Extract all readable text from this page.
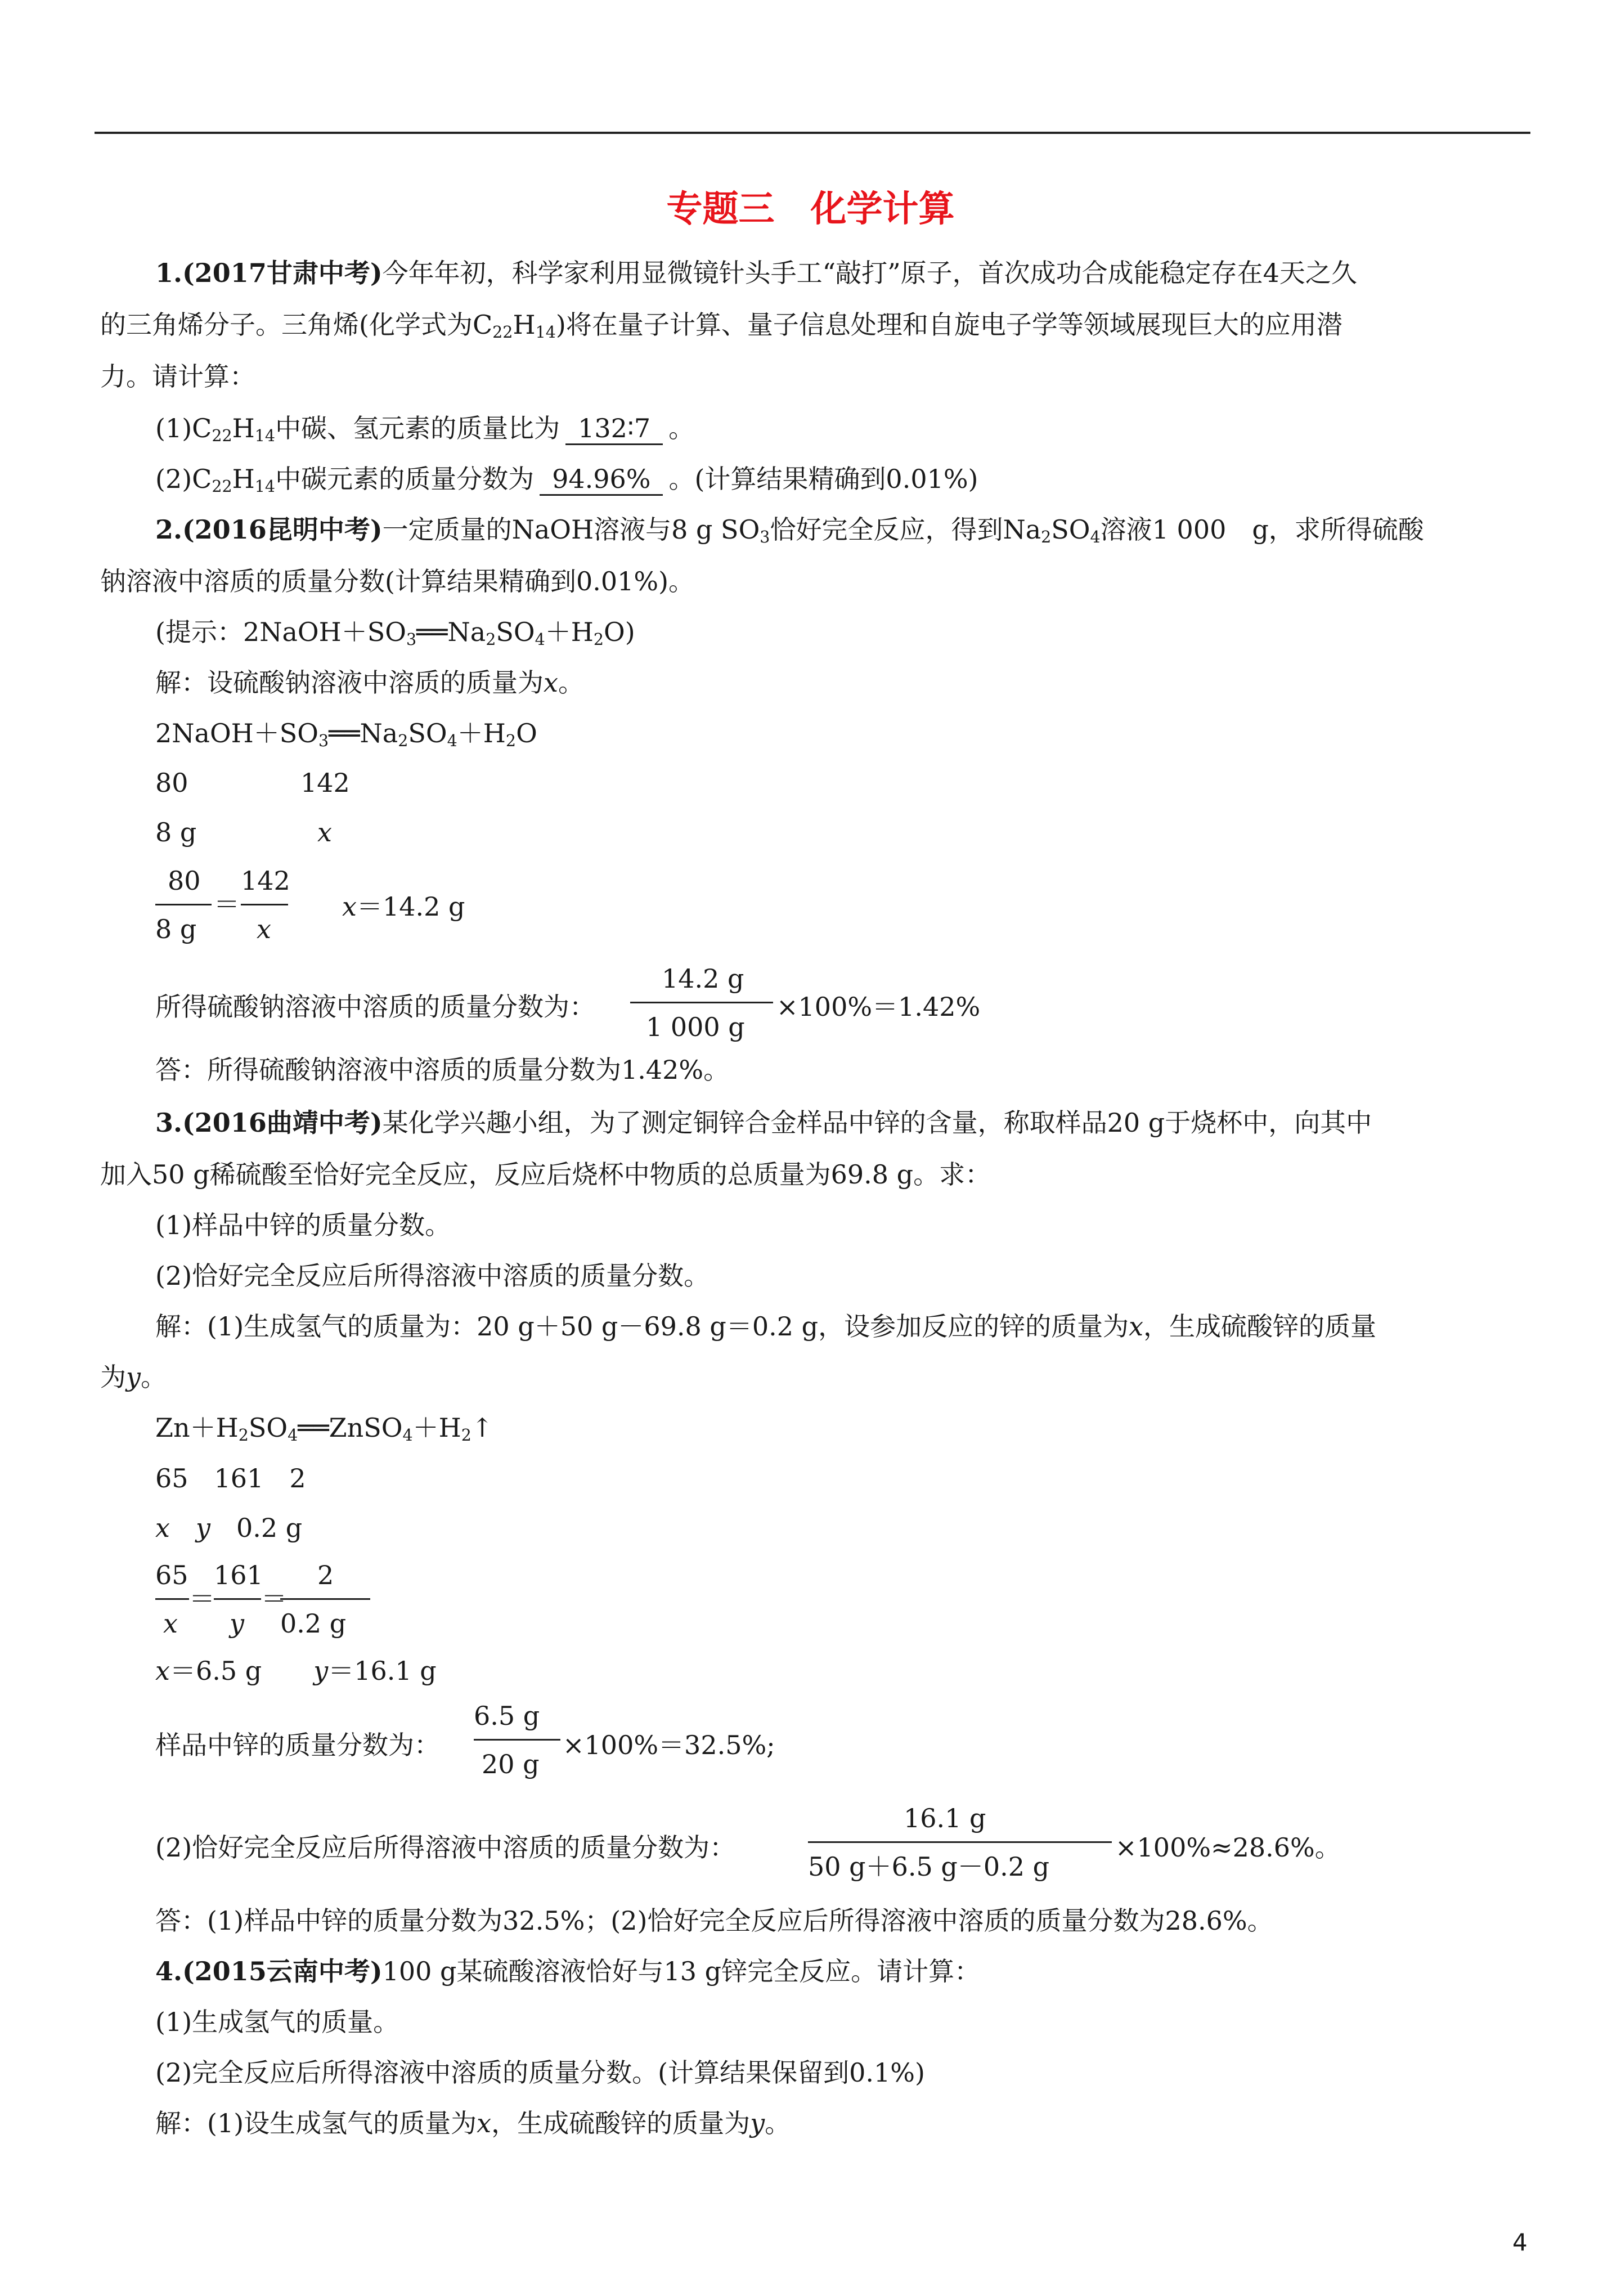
专题三　化学计算
1.(2017甘肃中考)今年年初，科学家利用显微镜针头手工“敲打”原子，首次成功合成能稳定存在4天之久
的三角烯分子。三角烯(化学式为$C_{22}H_{14}$)将在量子计算、量子信息处理和自旋电子学等领域展现巨大的应用潜
力。请计算：
$(1)C_{22}H_{14}$中碳、氢元素的质量比为 132∶7 。
$(2)C_{22}H_{14}$中碳元素的质量分数为 94.96% 。(计算结果精确到0.01%)
2.(2016昆明中考)一定质量的NaOH溶液与8 g $SO_3$恰好完全反应，得到$Na_2SO_4$溶液1 000　g，求所得硫酸
钠溶液中溶质的质量分数(计算结果精确到0.01%)。
(提示：$2NaOH+SO_3══Na_2SO_4+H_2O$)
解：设硫酸钠溶液中溶质的质量为x。
$2NaOH+SO_3══Na_2SO_4+H_2O$
80	142
8 g	x
80
8 g
＝
142
x
x＝14.2 g
所得硫酸钠溶液中溶质的质量分数为：
14.2 g
1 000 g
×100%＝1.42%
答：所得硫酸钠溶液中溶质的质量分数为1.42%。
3.(2016曲靖中考)某化学兴趣小组，为了测定铜锌合金样品中锌的含量，称取样品20 g于烧杯中，向其中
加入50 g稀硫酸至恰好完全反应，反应后烧杯中物质的总质量为69.8 g。求：
(1)样品中锌的质量分数。
(2)恰好完全反应后所得溶液中溶质的质量分数。
解：(1)生成氢气的质量为：20 g＋50 g－69.8 g＝0.2 g，设参加反应的锌的质量为x，生成硫酸锌的质量
为y。
$Zn+H_2SO_4══ZnSO_4+H_2↑$
65　161　2
x　 y　 0.2 g
65
x
＝
161
y
＝
2
0.2 g
x＝6.5 g　　 y＝16.1 g
样品中锌的质量分数为：
6.5 g
20 g
×100%＝32.5%;
(2)恰好完全反应后所得溶液中溶质的质量分数为：
16.1 g
50 g＋6.5 g－0.2 g
×100%≈28.6%。
答：(1)样品中锌的质量分数为32.5%；(2)恰好完全反应后所得溶液中溶质的质量分数为28.6%。
4.(2015云南中考)100 g某硫酸溶液恰好与13 g锌完全反应。请计算：
(1)生成氢气的质量。
(2)完全反应后所得溶液中溶质的质量分数。(计算结果保留到0.1%)
解：(1)设生成氢气的质量为x，生成硫酸锌的质量为y。
4
